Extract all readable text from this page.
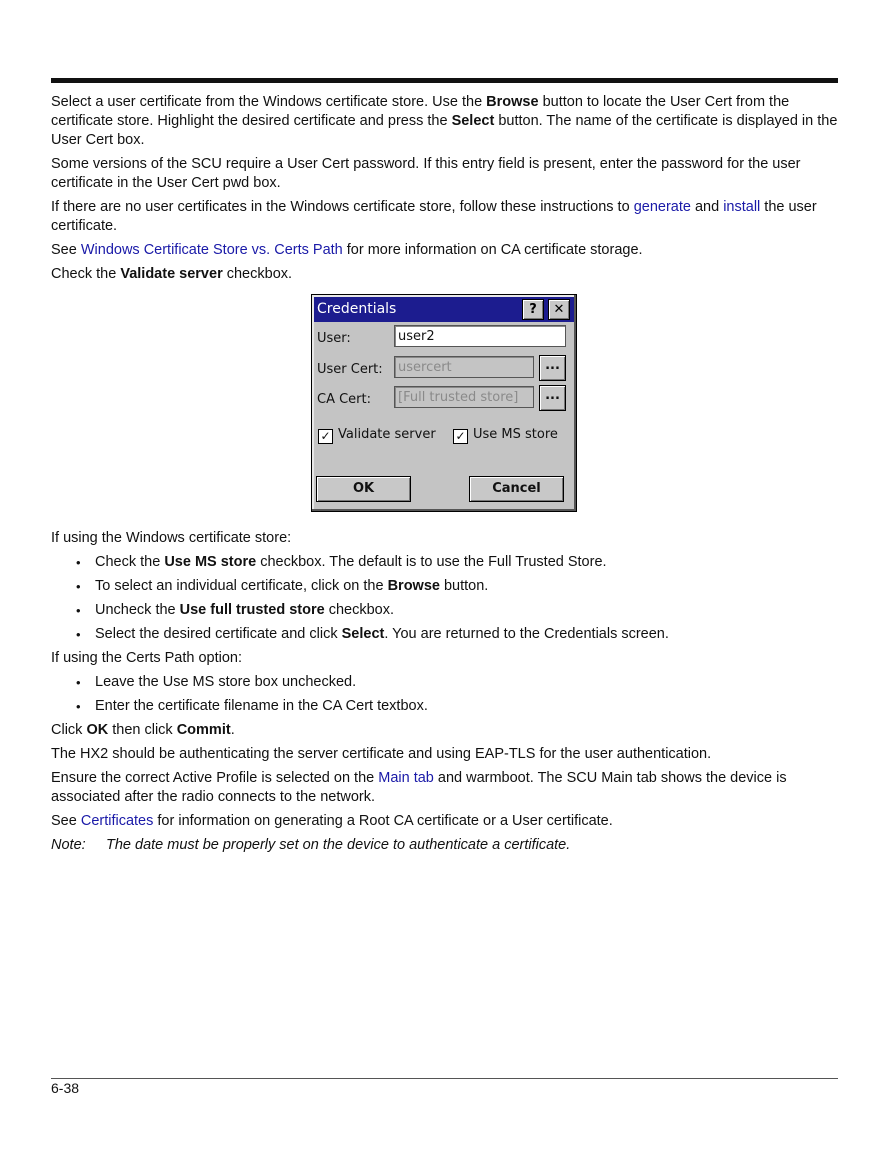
Select a user certificate from the Windows certificate store. Use the Browse button to locate the User Cert from the certificate store. Highlight the desired certificate and press the Select button. The name of the certificate is displayed in the User Cert box.

Some versions of the SCU require a User Cert password. If this entry field is present, enter the password for the user certificate in the User Cert pwd box.

If there are no user certificates in the Windows certificate store, follow these instructions to generate and install the user certificate.

See Windows Certificate Store vs. Certs Path for more information on CA certificate storage.

Check the Validate server checkbox.

Credentials	?	✕
User:	user2
User Cert:	usercert	...
CA Cert:	[Full trusted store]	...
✓ Validate server ✓ Use MS store
OK	Cancel

If using the Windows certificate store:

• Check the Use MS store checkbox. The default is to use the Full Trusted Store.
• To select an individual certificate, click on the Browse button.
• Uncheck the Use full trusted store checkbox.
• Select the desired certificate and click Select. You are returned to the Credentials screen.

If using the Certs Path option:

• Leave the Use MS store box unchecked.
• Enter the certificate filename in the CA Cert textbox.

Click OK then click Commit.

The HX2 should be authenticating the server certificate and using EAP-TLS for the user authentication.

Ensure the correct Active Profile is selected on the Main tab and warmboot. The SCU Main tab shows the device is associated after the radio connects to the network.

See Certificates for information on generating a Root CA certificate or a User certificate.

Note: The date must be properly set on the device to authenticate a certificate.

6-38
